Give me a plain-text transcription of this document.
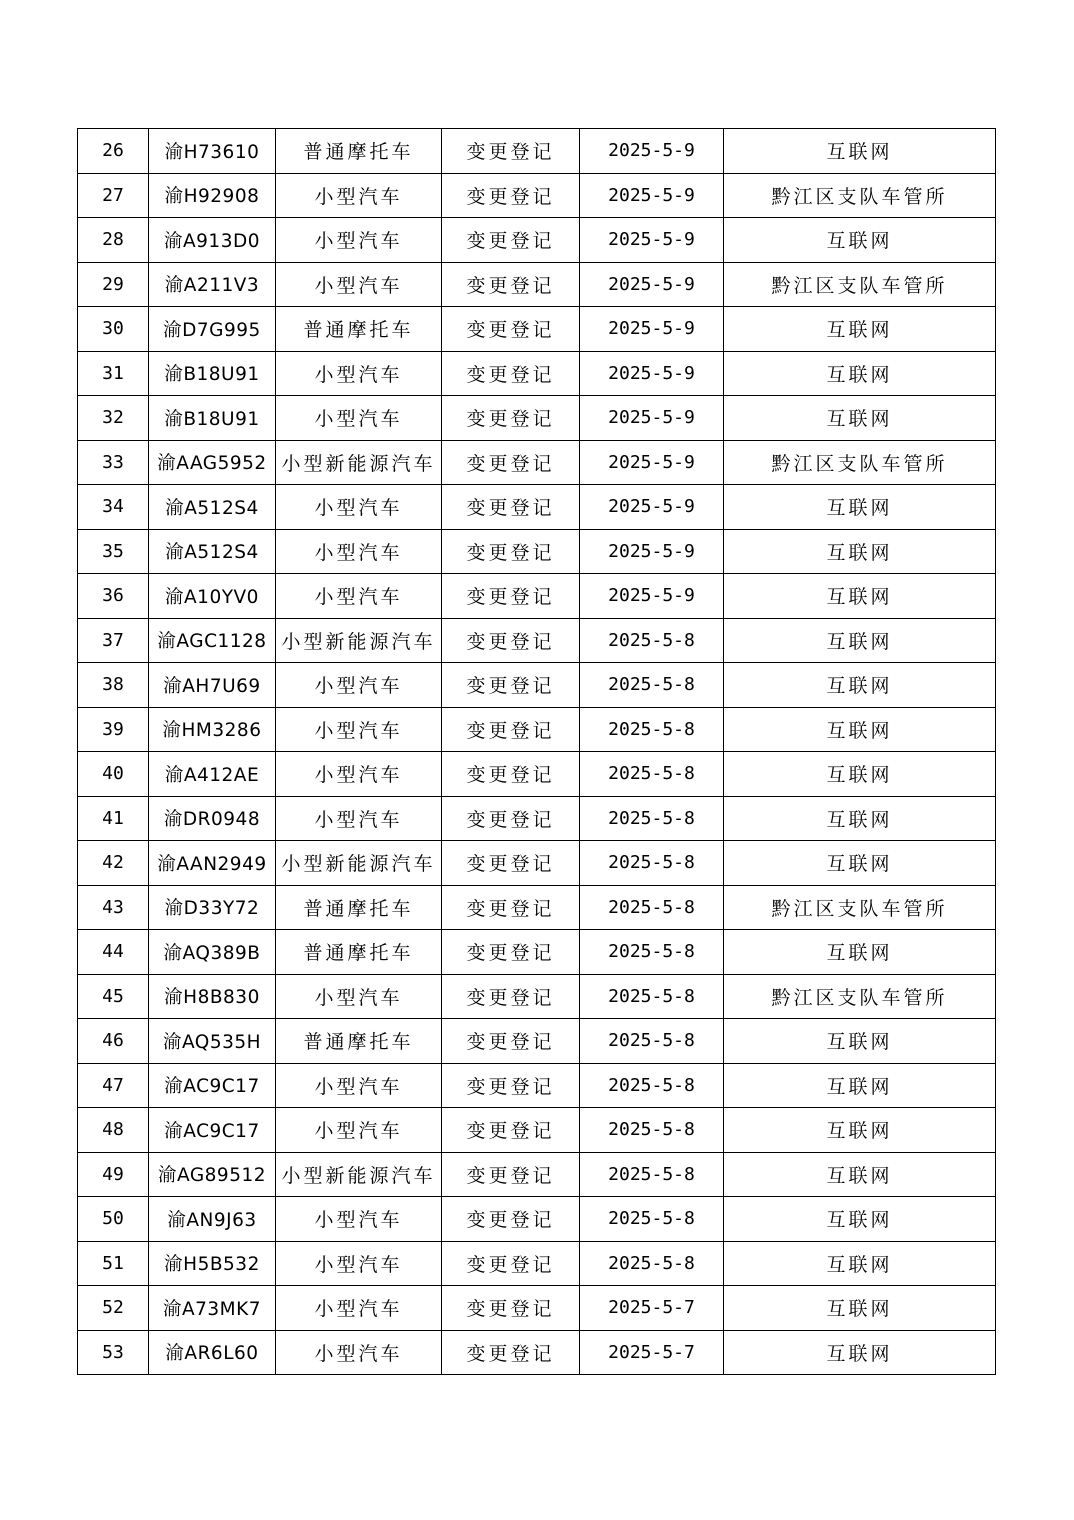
26	渝H73610	普通摩托车	变更登记	2025-5-9	互联网
27	渝H92908	小型汽车	变更登记	2025-5-9	黔江区支队车管所
28	渝A913D0	小型汽车	变更登记	2025-5-9	互联网
29	渝A211V3	小型汽车	变更登记	2025-5-9	黔江区支队车管所
30	渝D7G995	普通摩托车	变更登记	2025-5-9	互联网
31	渝B18U91	小型汽车	变更登记	2025-5-9	互联网
32	渝B18U91	小型汽车	变更登记	2025-5-9	互联网
33	渝AAG5952	小型新能源汽车	变更登记	2025-5-9	黔江区支队车管所
34	渝A512S4	小型汽车	变更登记	2025-5-9	互联网
35	渝A512S4	小型汽车	变更登记	2025-5-9	互联网
36	渝A10YV0	小型汽车	变更登记	2025-5-9	互联网
37	渝AGC1128	小型新能源汽车	变更登记	2025-5-8	互联网
38	渝AH7U69	小型汽车	变更登记	2025-5-8	互联网
39	渝HM3286	小型汽车	变更登记	2025-5-8	互联网
40	渝A412AE	小型汽车	变更登记	2025-5-8	互联网
41	渝DR0948	小型汽车	变更登记	2025-5-8	互联网
42	渝AAN2949	小型新能源汽车	变更登记	2025-5-8	互联网
43	渝D33Y72	普通摩托车	变更登记	2025-5-8	黔江区支队车管所
44	渝AQ389B	普通摩托车	变更登记	2025-5-8	互联网
45	渝H8B830	小型汽车	变更登记	2025-5-8	黔江区支队车管所
46	渝AQ535H	普通摩托车	变更登记	2025-5-8	互联网
47	渝AC9C17	小型汽车	变更登记	2025-5-8	互联网
48	渝AC9C17	小型汽车	变更登记	2025-5-8	互联网
49	渝AG89512	小型新能源汽车	变更登记	2025-5-8	互联网
50	渝AN9J63	小型汽车	变更登记	2025-5-8	互联网
51	渝H5B532	小型汽车	变更登记	2025-5-8	互联网
52	渝A73MK7	小型汽车	变更登记	2025-5-7	互联网
53	渝AR6L60	小型汽车	变更登记	2025-5-7	互联网
